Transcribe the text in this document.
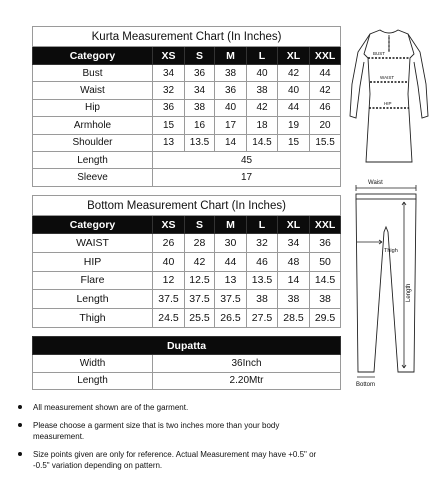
Kurta Measurement Chart (In Inches)						
Category	XS	S	M	L	XL	XXL
Bust	34	36	38	40	42	44
Waist	32	34	36	38	40	42
Hip	36	38	40	42	44	46
Armhole	15	16	17	18	19	20
Shoulder	13	13.5	14	14.5	15	15.5
Length	45					
Sleeve	17					
Bottom Measurement Chart (In Inches)						
Category	XS	S	M	L	XL	XXL
WAIST	26	28	30	32	34	36
HIP	40	42	44	46	48	50
Flare	12	12.5	13	13.5	14	14.5
Length	37.5	37.5	37.5	38	38	38
Thigh	24.5	25.5	26.5	27.5	28.5	29.5
Dupatta	
Width	36Inch
Length	2.20Mtr
All measurement shown are of the garment.
Please choose a garment size that is two inches more than your body measurement.
Size points given are only for reference. Actual Measurement may have +0.5" or -0.5" variation depending on pattern.
BUST
WAIST
HIP
Waist
Thigh
Length
Bottom
